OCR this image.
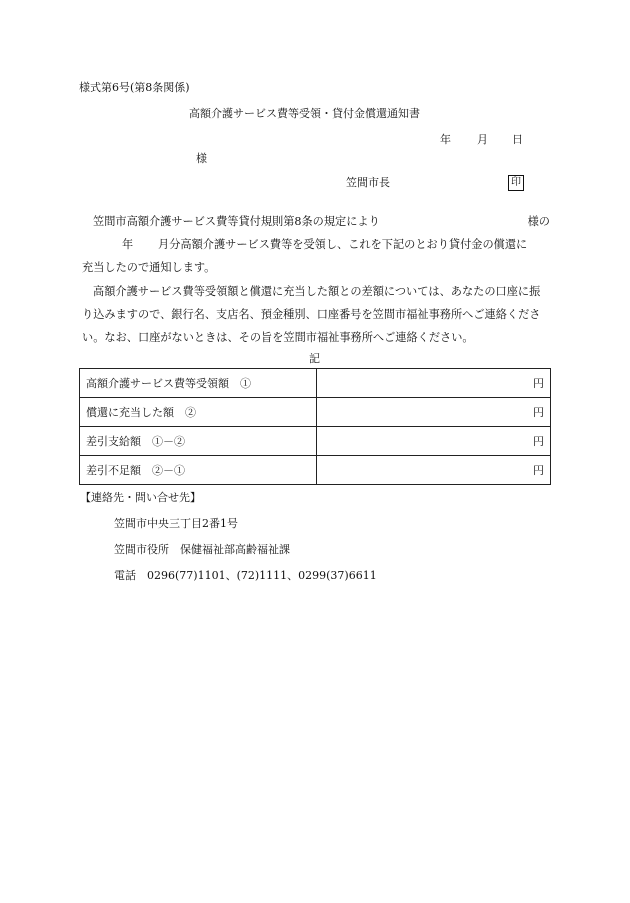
様式第6号(第8条関係)
高額介護サービス費等受領・貸付金償還通知書
年 月 日
様
笠間市長	印

笠間市高額介護サービス費等貸付規則第8条の規定により	様の

年 月分高額介護サービス費等を受領し、これを下記のとおり貸付金の償還に

充当したので通知します。

高額介護サービス費等受領額と償還に充当した額との差額については、あなたの口座に振り込みますので、銀行名、支店名、預金種別、口座番号を笠間市福祉事務所へご連絡ください。なお、口座がないときは、その旨を笠間市福祉事務所へご連絡ください。
記
高額介護サービス費等受領額　①	円
償還に充当した額　②	円
差引支給額　①－②	円
差引不足額　②－①	円
【連絡先・問い合せ先】
笠間市中央三丁目2番1号
笠間市役所　保健福祉部高齢福祉課
電話　0296(77)1101、(72)1111、0299(37)6611
